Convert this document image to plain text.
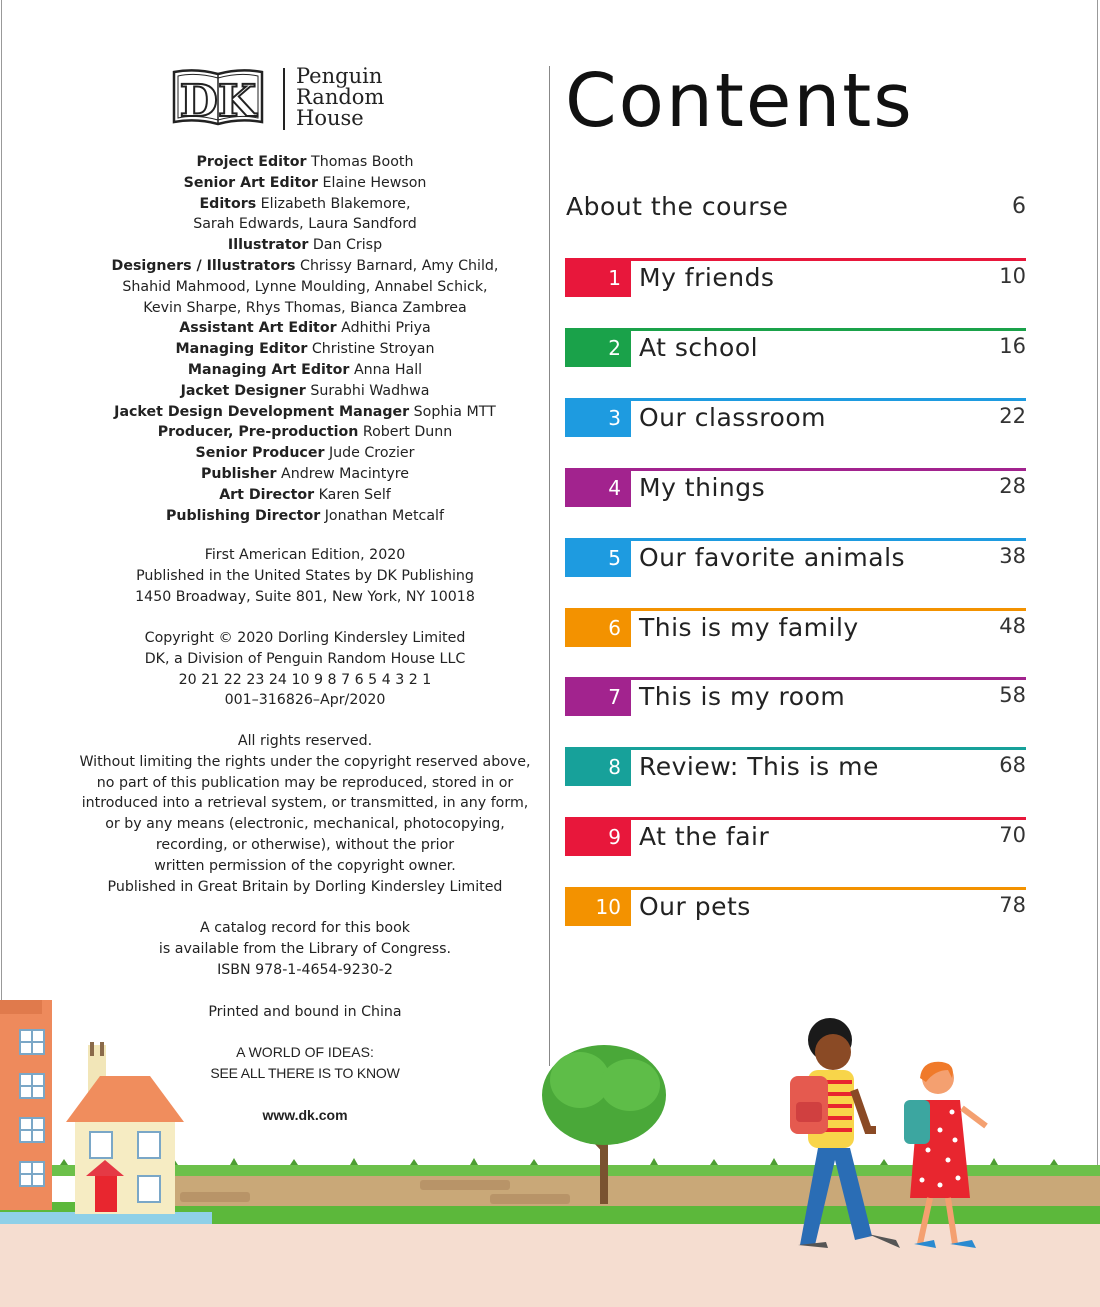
DK Penguin
Random
House
Project Editor Thomas Booth
Senior Art Editor Elaine Hewson
Editors Elizabeth Blakemore,
Sarah Edwards, Laura Sandford
Illustrator Dan Crisp
Designers / Illustrators Chrissy Barnard, Amy Child,
Shahid Mahmood, Lynne Moulding, Annabel Schick,
Kevin Sharpe, Rhys Thomas, Bianca Zambrea
Assistant Art Editor Adhithi Priya
Managing Editor Christine Stroyan
Managing Art Editor Anna Hall
Jacket Designer Surabhi Wadhwa
Jacket Design Development Manager Sophia MTT
Producer, Pre-production Robert Dunn
Senior Producer Jude Crozier
Publisher Andrew Macintyre
Art Director Karen Self
Publishing Director Jonathan Metcalf
First American Edition, 2020
Published in the United States by DK Publishing
1450 Broadway, Suite 801, New York, NY 10018
Copyright © 2020 Dorling Kindersley Limited
DK, a Division of Penguin Random House LLC
20 21 22 23 24 10 9 8 7 6 5 4 3 2 1
001–316826–Apr/2020
All rights reserved.
Without limiting the rights under the copyright reserved above,
no part of this publication may be reproduced, stored in or
introduced into a retrieval system, or transmitted, in any form,
or by any means (electronic, mechanical, photocopying,
recording, or otherwise), without the prior
written permission of the copyright owner.
Published in Great Britain by Dorling Kindersley Limited
A catalog record for this book
is available from the Library of Congress.
ISBN 978-1-4654-9230-2
Printed and bound in China
A WORLD OF IDEAS:
SEE ALL THERE IS TO KNOW
www.dk.com
Contents
About the course	6
1 My friends	10
2 At school	16
3 Our classroom	22
4 My things	28
5 Our favorite animals	38
6 This is my family	48
7 This is my room	58
8 Review: This is me	68
9 At the fair	70
10 Our pets	78
